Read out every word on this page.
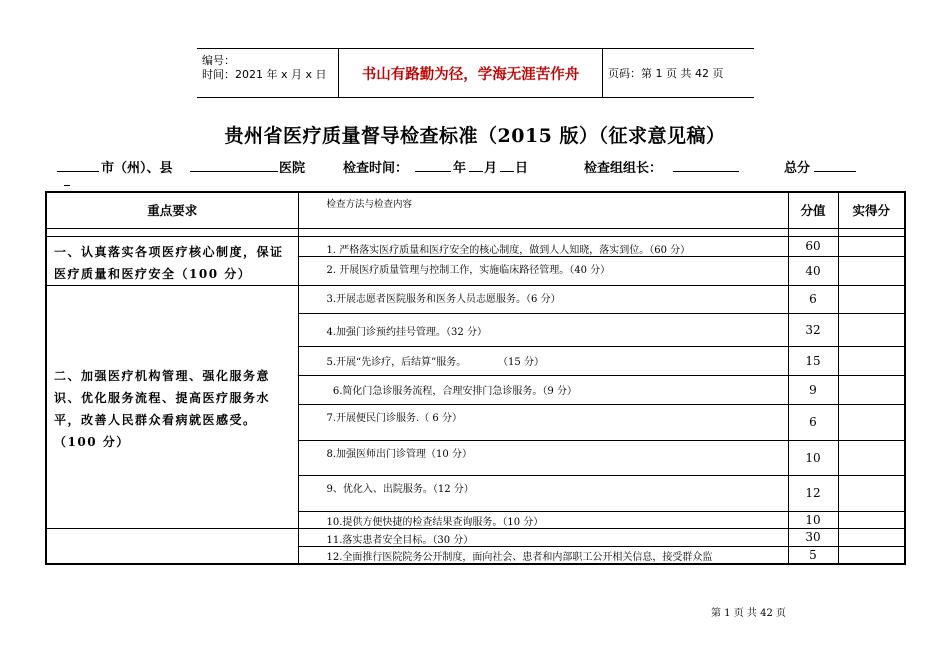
编号：
时间：2021 年 x 月 x 日	书山有路勤为径，学海无涯苦作舟	页码：第 1 页 共 42 页
贵州省医疗质量督导检查标准（2015 版）（征求意见稿）
市（州）、县	医院	检查时间：	年 月 日	检查组组长：	总分
重点要求	检查方法与检查内容	分值	实得分

一、认真落实各项医疗核心制度，保证医疗质量和医疗安全（100 分）	1. 严格落实医疗质量和医疗安全的核心制度，做到人人知晓，落实到位。（60 分）	60	
	2. 开展医疗质量管理与控制工作，实施临床路径管理。（40 分）	40	
二、加强医疗机构管理、强化服务意识、优化服务流程、提高医疗服务水平，改善人民群众看病就医感受。（100 分）	3.开展志愿者医院服务和医务人员志愿服务。（6 分）	6	
	4.加强门诊预约挂号管理。（32 分）	32	
	5.开展“先诊疗，后结算”服务。          （15 分）	15	
	6.简化门急诊服务流程，合理安排门急诊服务。（9 分）	9	
	7.开展便民门诊服务.（ 6 分）	6	
	8.加强医师出门诊管理（10 分）	10	
	9、优化入、出院服务。（12 分）	12	
	10.提供方便快捷的检查结果查询服务。（10 分）	10	
	11.落实患者安全目标。（30 分）	30	
	12.全面推行医院院务公开制度，面向社会、患者和内部职工公开相关信息，接受群众监	5	
第 1 页 共 42 页
